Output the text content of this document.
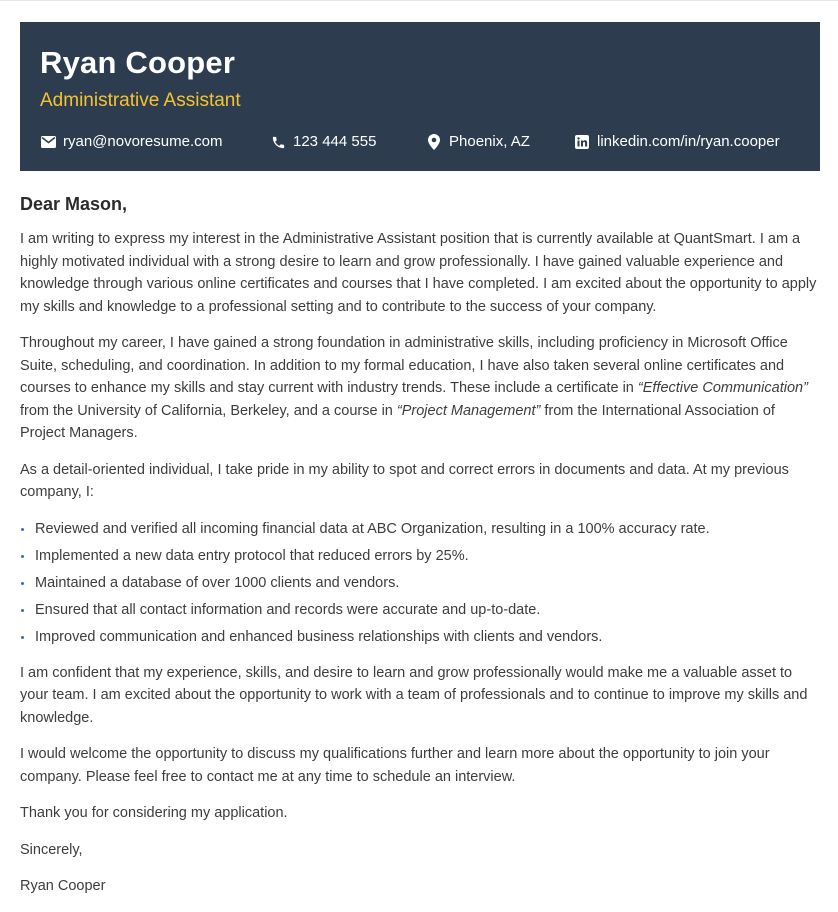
Ryan Cooper
Administrative Assistant
ryan@novoresume.com	123 444 555	Phoenix, AZ	linkedin.com/in/ryan.cooper
Dear Mason,

I am writing to express my interest in the Administrative Assistant position that is currently available at QuantSmart. I am a highly motivated individual with a strong desire to learn and grow professionally. I have gained valuable experience and knowledge through various online certificates and courses that I have completed. I am excited about the opportunity to apply my skills and knowledge to a professional setting and to contribute to the success of your company.

Throughout my career, I have gained a strong foundation in administrative skills, including proficiency in Microsoft Office Suite, scheduling, and coordination. In addition to my formal education, I have also taken several online certificates and courses to enhance my skills and stay current with industry trends. These include a certificate in “Effective Communication” from the University of California, Berkeley, and a course in “Project Management” from the International Association of Project Managers.

As a detail-oriented individual, I take pride in my ability to spot and correct errors in documents and data. At my previous company, I:

Reviewed and verified all incoming financial data at ABC Organization, resulting in a 100% accuracy rate.
Implemented a new data entry protocol that reduced errors by 25%.
Maintained a database of over 1000 clients and vendors.
Ensured that all contact information and records were accurate and up-to-date.
Improved communication and enhanced business relationships with clients and vendors.

I am confident that my experience, skills, and desire to learn and grow professionally would make me a valuable asset to your team. I am excited about the opportunity to work with a team of professionals and to continue to improve my skills and knowledge.

I would welcome the opportunity to discuss my qualifications further and learn more about the opportunity to join your company. Please feel free to contact me at any time to schedule an interview.

Thank you for considering my application.

Sincerely,

Ryan Cooper
